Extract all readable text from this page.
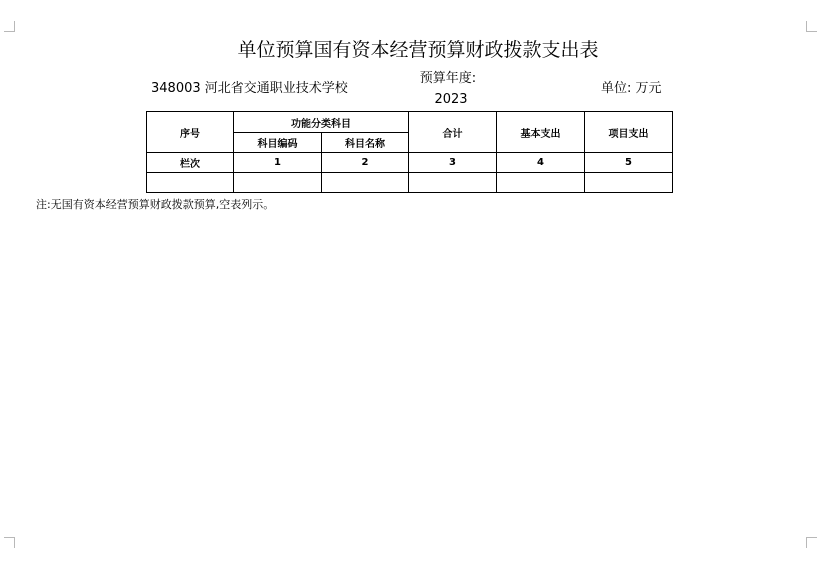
单位预算国有资本经营预算财政拨款支出表
348003 河北省交通职业技术学校
预算年度:
2023
单位: 万元
序号	功能分类科目		合计	基本支出	项目支出
	科目编码	科目名称			
栏次	1	2	3	4	5

注:无国有资本经营预算财政拨款预算,空表列示。
